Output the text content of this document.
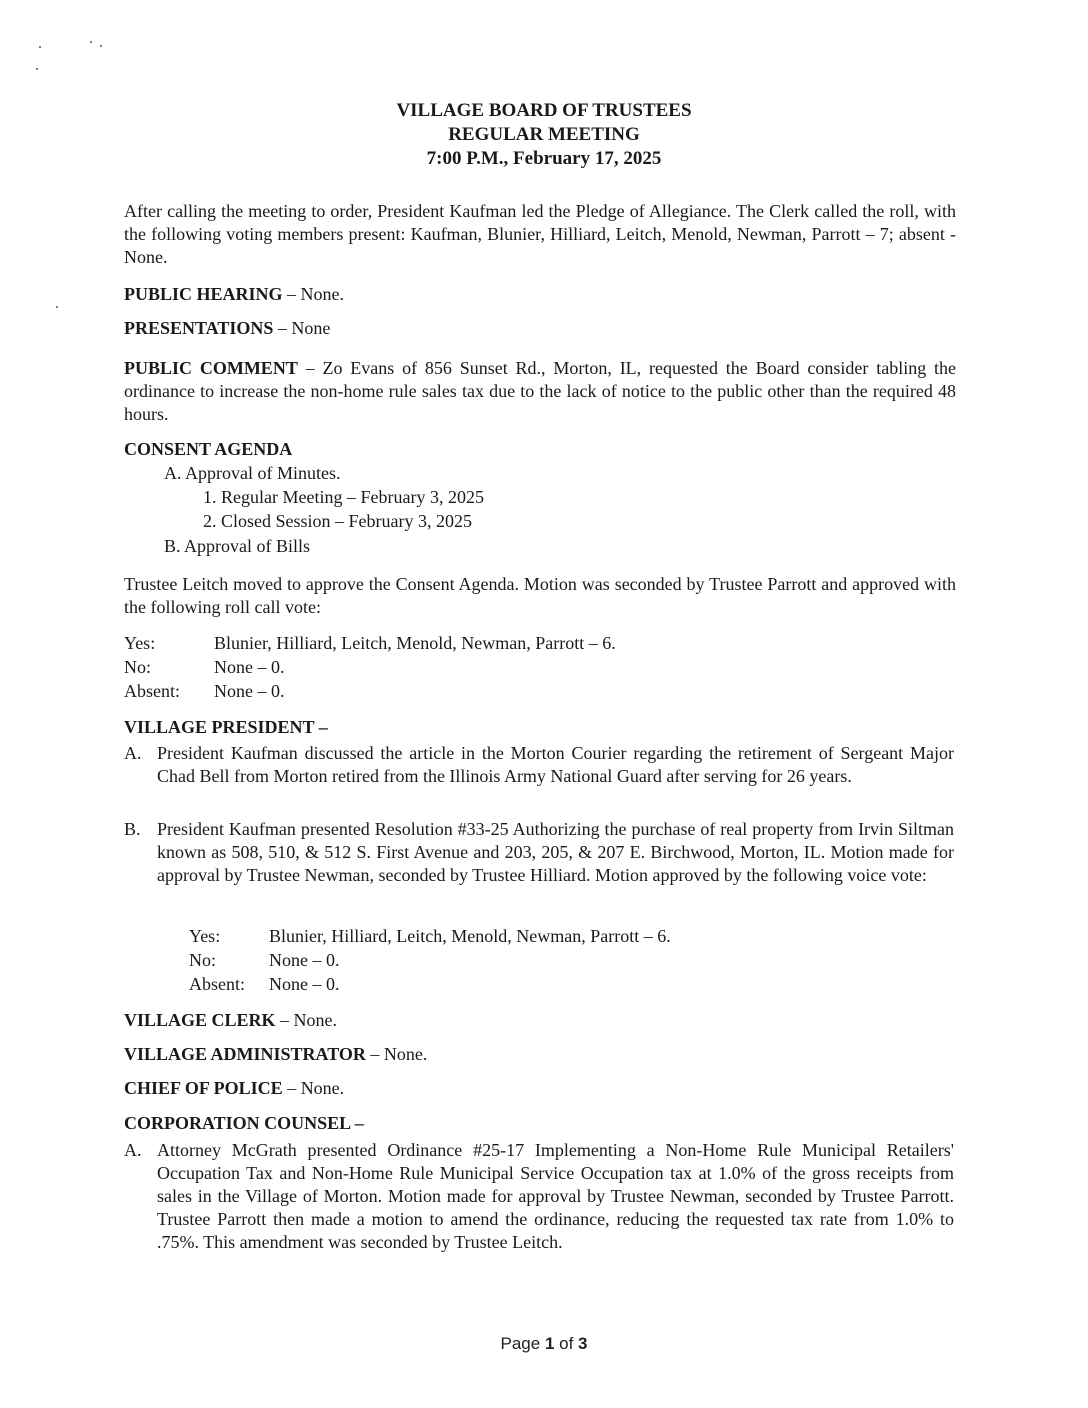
VILLAGE BOARD OF TRUSTEES
REGULAR MEETING
7:00 P.M., February 17, 2025
After calling the meeting to order, President Kaufman led the Pledge of Allegiance. The Clerk called the roll, with the following voting members present: Kaufman, Blunier, Hilliard, Leitch, Menold, Newman, Parrott – 7; absent - None.
PUBLIC HEARING – None.
PRESENTATIONS – None
PUBLIC COMMENT – Zo Evans of 856 Sunset Rd., Morton, IL, requested the Board consider tabling the ordinance to increase the non-home rule sales tax due to the lack of notice to the public other than the required 48 hours.
CONSENT AGENDA
A. Approval of Minutes.
1. Regular Meeting – February 3, 2025
2. Closed Session – February 3, 2025
B. Approval of Bills
Trustee Leitch moved to approve the Consent Agenda. Motion was seconded by Trustee Parrott and approved with the following roll call vote:
Yes:	Blunier, Hilliard, Leitch, Menold, Newman, Parrott – 6.
No:	None – 0.
Absent: None – 0.
VILLAGE PRESIDENT –
A. President Kaufman discussed the article in the Morton Courier regarding the retirement of Sergeant Major Chad Bell from Morton retired from the Illinois Army National Guard after serving for 26 years.
B. President Kaufman presented Resolution #33-25 Authorizing the purchase of real property from Irvin Siltman known as 508, 510, & 512 S. First Avenue and 203, 205, & 207 E. Birchwood, Morton, IL. Motion made for approval by Trustee Newman, seconded by Trustee Hilliard. Motion approved by the following voice vote:
Yes:	Blunier, Hilliard, Leitch, Menold, Newman, Parrott – 6.
No:	None – 0.
Absent: None – 0.
VILLAGE CLERK – None.
VILLAGE ADMINISTRATOR – None.
CHIEF OF POLICE – None.
CORPORATION COUNSEL –
A. Attorney McGrath presented Ordinance #25-17 Implementing a Non-Home Rule Municipal Retailers' Occupation Tax and Non-Home Rule Municipal Service Occupation tax at 1.0% of the gross receipts from sales in the Village of Morton. Motion made for approval by Trustee Newman, seconded by Trustee Parrott. Trustee Parrott then made a motion to amend the ordinance, reducing the requested tax rate from 1.0% to .75%. This amendment was seconded by Trustee Leitch.
Page 1 of 3
